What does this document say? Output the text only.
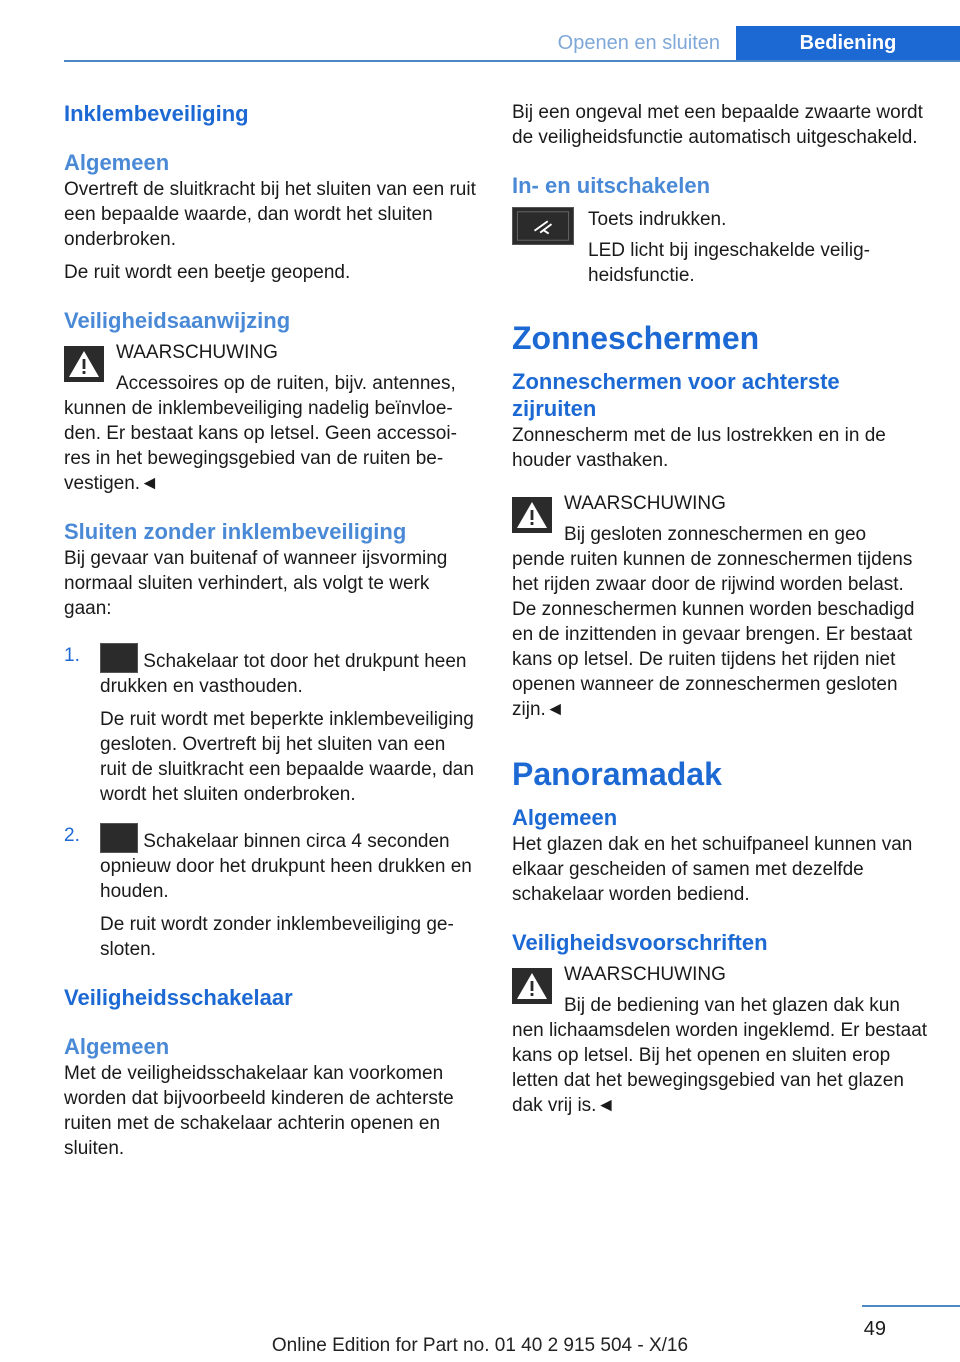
Openen en sluiten	Bediening

Inklembeveiliging

Algemeen

Overtreft de sluitkracht bij het sluiten van een ruit een bepaalde waarde, dan wordt het sluiten onderbroken.

De ruit wordt een beetje geopend.

Veiligheidsaanwijzing

WAARSCHUWING
Accessoires op de ruiten, bijv. antennes,

kunnen de inklembeveiliging nadelig beïnvloeden. Er bestaat kans op letsel. Geen accessoires in het bewegingsgebied van de ruiten bevestigen.◄

Sluiten zonder inklembeveiliging

Bij gevaar van buitenaf of wanneer ijsvorming normaal sluiten verhindert, als volgt te werk gaan:

1.	Schakelaar tot door het drukpunt heen drukken en vasthouden.

De ruit wordt met beperkte inklembeveiliging gesloten. Overtreft bij het sluiten van een ruit de sluitkracht een bepaalde waarde, dan wordt het sluiten onderbroken.

2.	Schakelaar binnen circa 4 seconden opnieuw door het drukpunt heen drukken en houden.

De ruit wordt zonder inklembeveiliging gesloten.

Veiligheidsschakelaar

Algemeen

Met de veiligheidsschakelaar kan voorkomen worden dat bijvoorbeeld kinderen de achterste ruiten met de schakelaar achterin openen en sluiten.

Bij een ongeval met een bepaalde zwaarte wordt de veiligheidsfunctie automatisch uitgeschakeld.

In- en uitschakelen

Toets indrukken.
LED licht bij ingeschakelde veiligheidsfunctie.

Zonneschermen

Zonneschermen voor achterste zijruiten

Zonnescherm met de lus lostrekken en in de houder vasthaken.

WAARSCHUWING
Bij gesloten zonneschermen en geo

pende ruiten kunnen de zonneschermen tijdens het rijden zwaar door de rijwind worden belast. De zonneschermen kunnen worden beschadigd en de inzittenden in gevaar brengen. Er bestaat kans op letsel. De ruiten tijdens het rijden niet openen wanneer de zonneschermen gesloten zijn.◄

Panoramadak

Algemeen

Het glazen dak en het schuifpaneel kunnen van elkaar gescheiden of samen met dezelfde schakelaar worden bediend.

Veiligheidsvoorschriften

WAARSCHUWING
Bij de bediening van het glazen dak kun

nen lichaamsdelen worden ingeklemd. Er bestaat kans op letsel. Bij het openen en sluiten erop letten dat het bewegingsgebied van het glazen dak vrij is.◄

49
Online Edition for Part no. 01 40 2 915 504 - X/16
